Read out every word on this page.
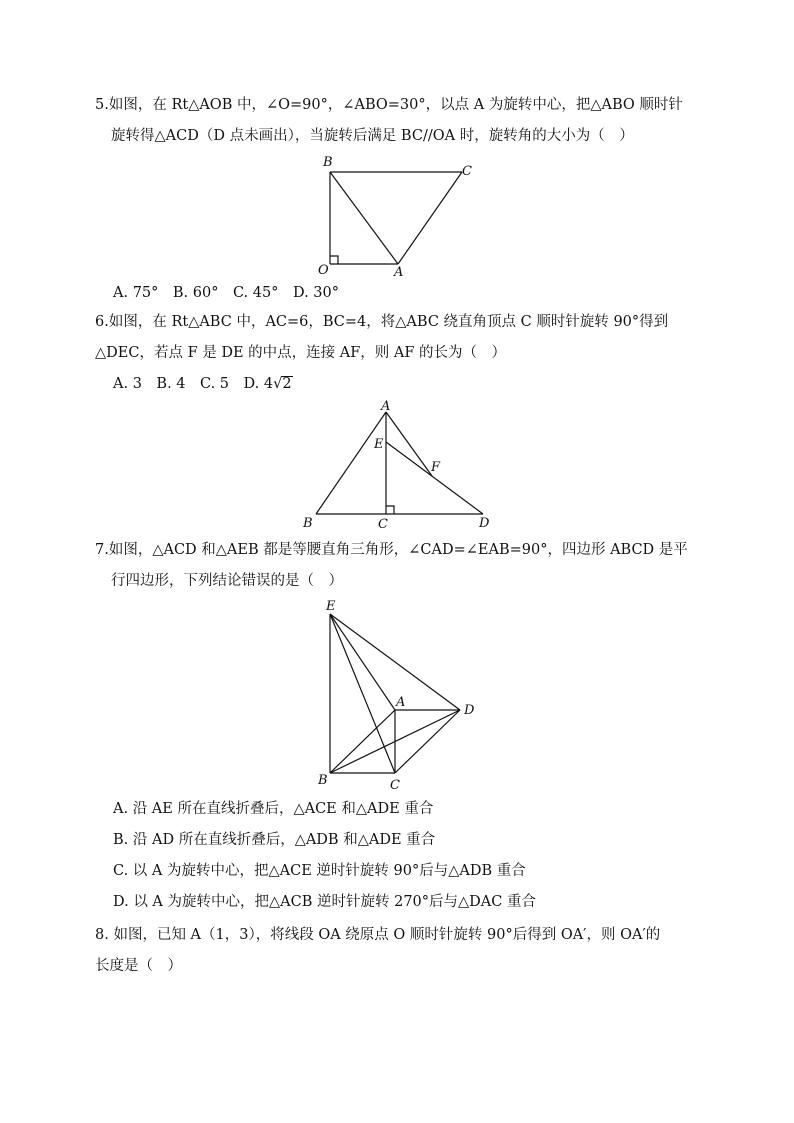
5.如图，在 Rt△AOB 中，∠O=90°，∠ABO=30°，以点 A 为旋转中心，把△ABO 顺时针
旋转得△ACD（D 点未画出），当旋转后满足 BC//OA 时，旋转角的大小为（　）
B
C
O	A
A. 75°　B. 60°　C. 45°　D. 30°
6.如图，在 Rt△ABC 中，AC=6，BC=4，将△ABC 绕直角顶点 C 顺时针旋转 90°得到
△DEC，若点 F 是 DE 的中点，连接 AF，则 AF 的长为（　）
A. 3　B. 4　C. 5　D. 4√2
A
E
F
B	C	D
7.如图，△ACD 和△AEB 都是等腰直角三角形，∠CAD=∠EAB=90°，四边形 ABCD 是平
行四边形，下列结论错误的是（　）
E
A
D
B	C
A. 沿 AE 所在直线折叠后，△ACE 和△ADE 重合
B. 沿 AD 所在直线折叠后，△ADB 和△ADE 重合
C. 以 A 为旋转中心，把△ACE 逆时针旋转 90°后与△ADB 重合
D. 以 A 为旋转中心，把△ACB 逆时针旋转 270°后与△DAC 重合
8. 如图，已知 A（1，3），将线段 OA 绕原点 O 顺时针旋转 90°后得到 OA′，则 OA′的
长度是（　）
